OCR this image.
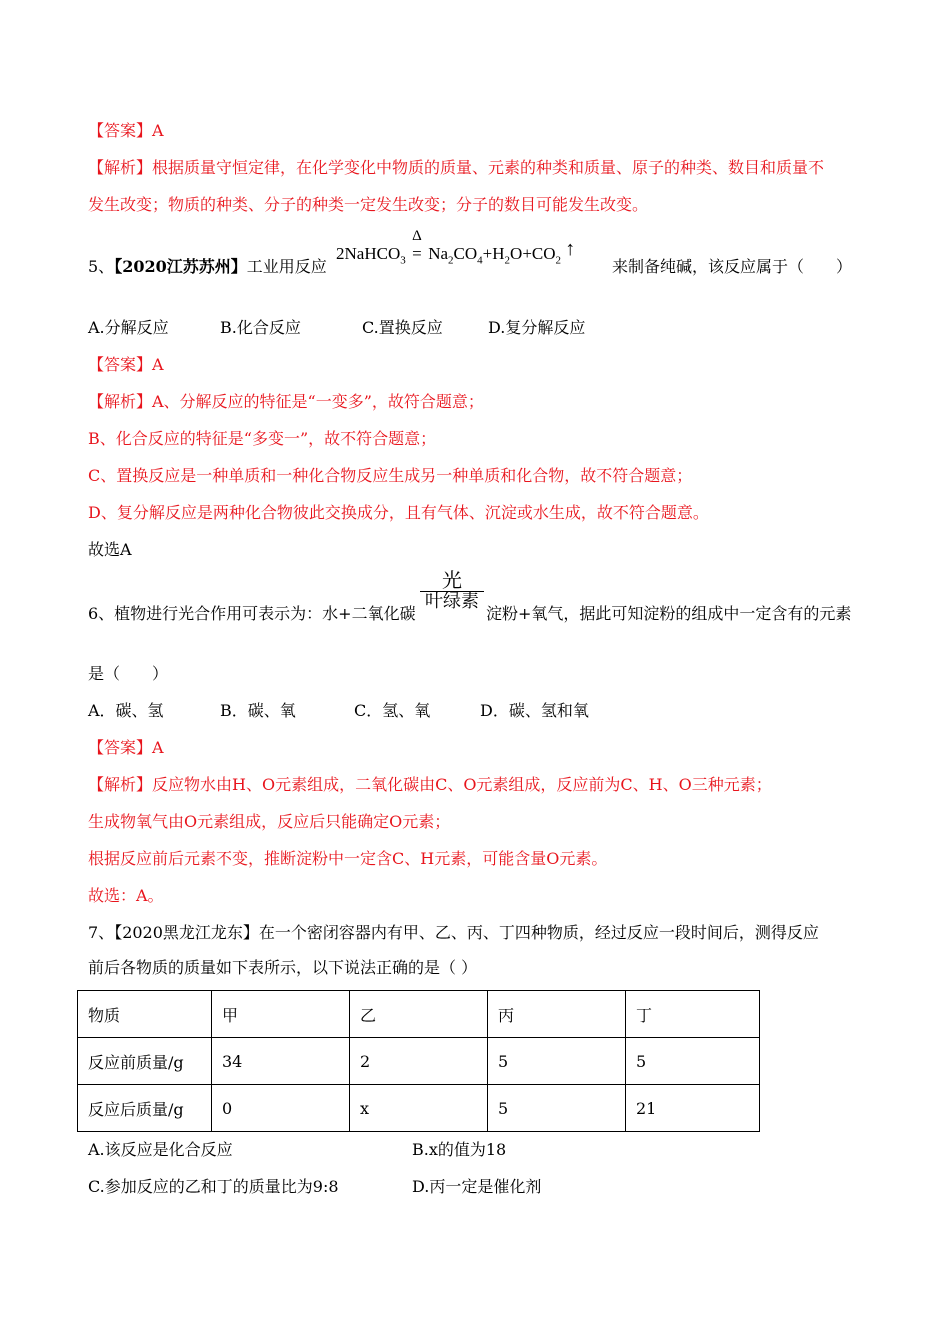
【答案】A
【解析】根据质量守恒定律，在化学变化中物质的质量、元素的种类和质量、原子的种类、数目和质量不
发生改变；物质的种类、分子的种类一定发生改变；分子的数目可能发生改变。
5、【2020江苏苏州】工业用反应
2NaHCO$_3$
Δ
= $Na_2CO_4+H_2O+CO_2$ ↑
来制备纯碱，该反应属于（　　）
A.分解反应	B.化合反应	C.置换反应	D.复分解反应
【答案】A
【解析】A、分解反应的特征是“一变多”，故符合题意；
B、化合反应的特征是“多变一”，故不符合题意；
C、置换反应是一种单质和一种化合物反应生成另一种单质和化合物，故不符合题意；
D、复分解反应是两种化合物彼此交换成分，且有气体、沉淀或水生成，故不符合题意。
故选A
6、植物进行光合作用可表示为：水+二氧化碳
光
叶绿素
淀粉+氧气，据此可知淀粉的组成中一定含有的元素
是（　　）
A．碳、氢	B．碳、氧	C．氢、氧	D．碳、氢和氧
【答案】A
【解析】反应物水由H、O元素组成，二氧化碳由C、O元素组成，反应前为C、H、O三种元素；
生成物氧气由O元素组成，反应后只能确定O元素；
根据反应前后元素不变，推断淀粉中一定含C、H元素，可能含量O元素。
故选：A。
7、【2020黑龙江龙东】在一个密闭容器内有甲、乙、丙、丁四种物质，经过反应一段时间后，测得反应
前后各物质的质量如下表所示，以下说法正确的是（ ）
物质	甲	乙	丙	丁
反应前质量/g	34	2	5	5
反应后质量/g	0	x	5	21
A.该反应是化合反应	B.x的值为18
C.参加反应的乙和丁的质量比为9:8	D.丙一定是催化剂
